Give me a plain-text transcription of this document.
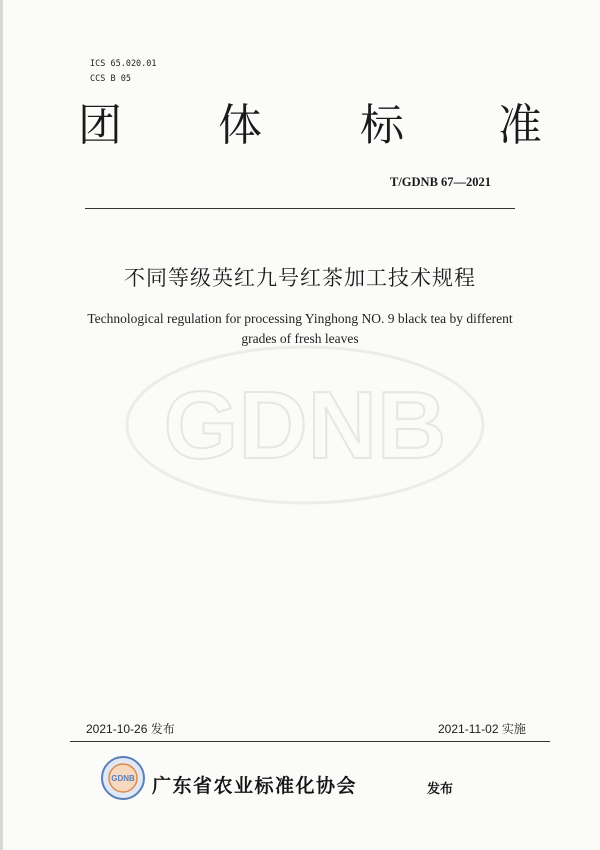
ICS 65.020.01
CCS B 05
团 体 标 准
T/GDNB 67—2021
GDNB
不同等级英红九号红茶加工技术规程
Technological regulation for processing Yinghong NO. 9 black tea by different
grades of fresh leaves
2021-10-26 发布	2021-11-02 实施
GDNB 广东省农业标准化协会	发布
